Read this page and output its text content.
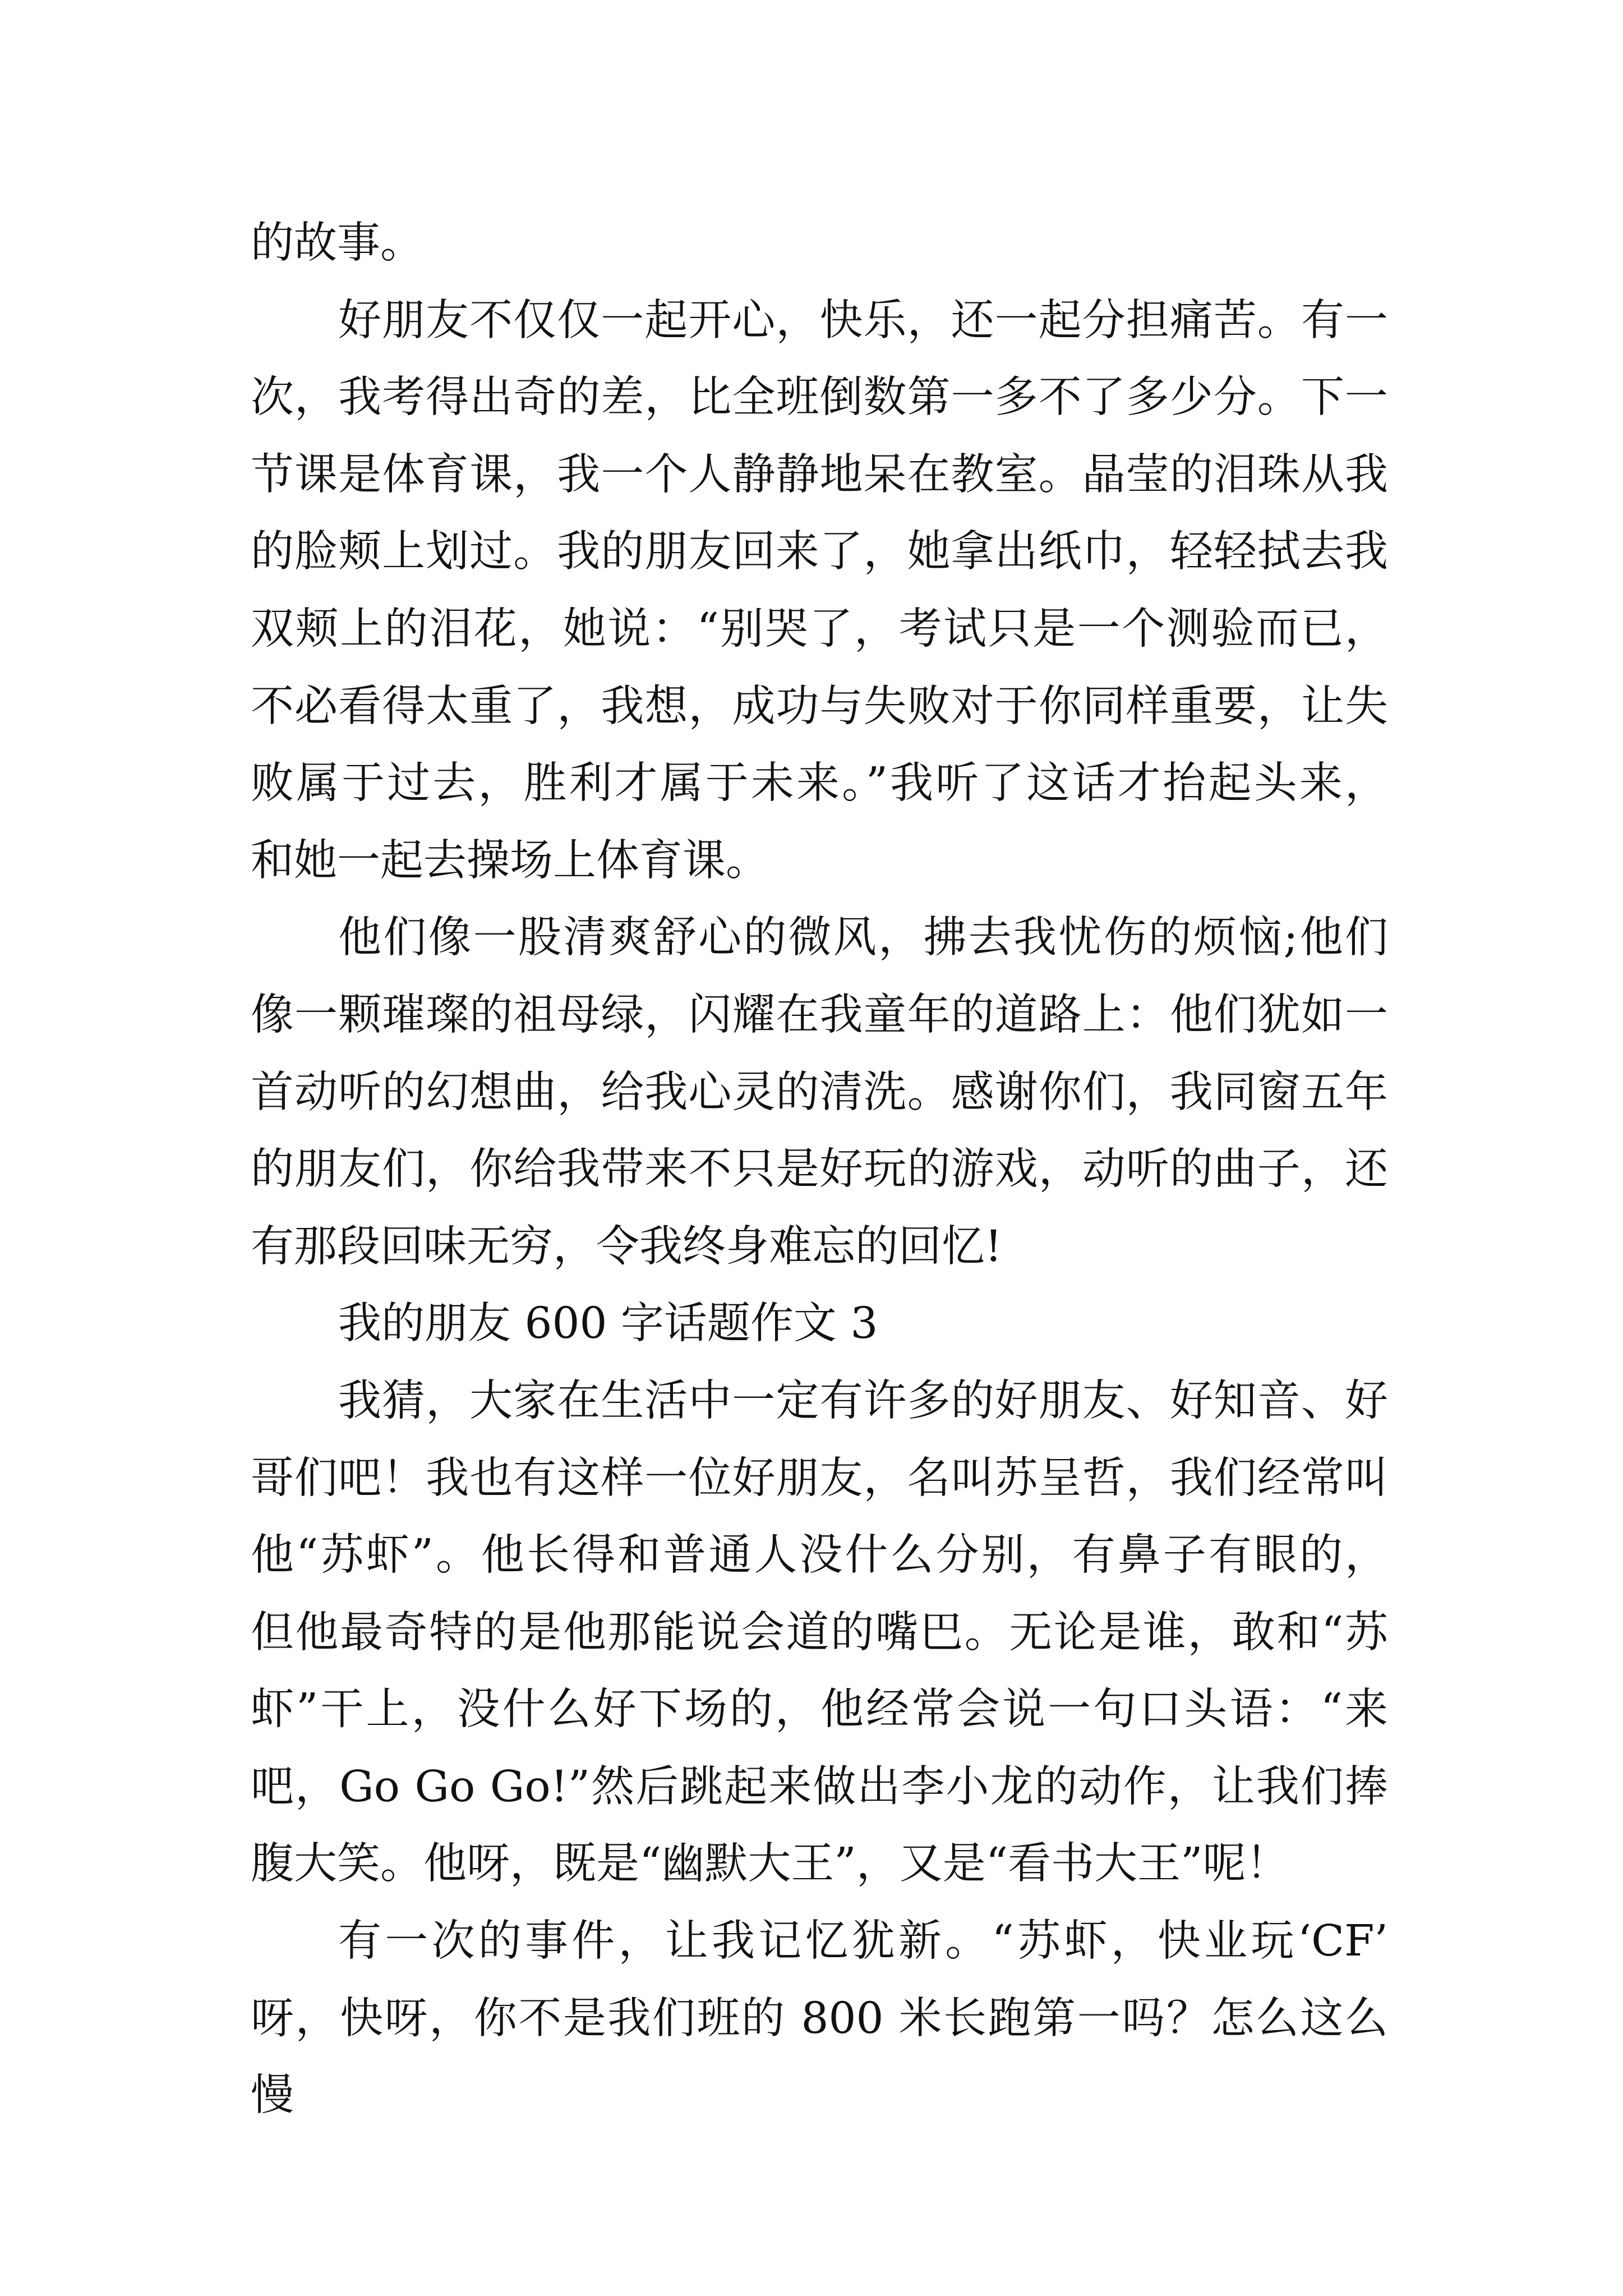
的故事。
好朋友不仅仅一起开心，快乐，还一起分担痛苦。有一
次，我考得出奇的差，比全班倒数第一多不了多少分。下一
节课是体育课，我一个人静静地呆在教室。晶莹的泪珠从我
的脸颊上划过。我的朋友回来了，她拿出纸巾，轻轻拭去我
双颊上的泪花，她说：“别哭了，考试只是一个测验而已，
不必看得太重了，我想，成功与失败对于你同样重要，让失
败属于过去，胜利才属于未来。”我听了这话才抬起头来，
和她一起去操场上体育课。
他们像一股清爽舒心的微风，拂去我忧伤的烦恼;他们
像一颗璀璨的祖母绿，闪耀在我童年的道路上：他们犹如一
首动听的幻想曲，给我心灵的清洗。感谢你们，我同窗五年
的朋友们，你给我带来不只是好玩的游戏，动听的曲子，还
有那段回味无穷，令我终身难忘的回忆!
我的朋友 600 字话题作文 3
我猜，大家在生活中一定有许多的好朋友、好知音、好
哥们吧！我也有这样一位好朋友，名叫苏呈哲，我们经常叫
他“苏虾”。他长得和普通人没什么分别，有鼻子有眼的，
但他最奇特的是他那能说会道的嘴巴。无论是谁，敢和“苏
虾”干上，没什么好下场的，他经常会说一句口头语：“来
吧，Go Go Go!”然后跳起来做出李小龙的动作，让我们捧
腹大笑。他呀，既是“幽默大王”，又是“看书大王”呢！
有一次的事件，让我记忆犹新。“苏虾，快业玩‘CF’
呀，快呀，你不是我们班的 800 米长跑第一吗？怎么这么慢
